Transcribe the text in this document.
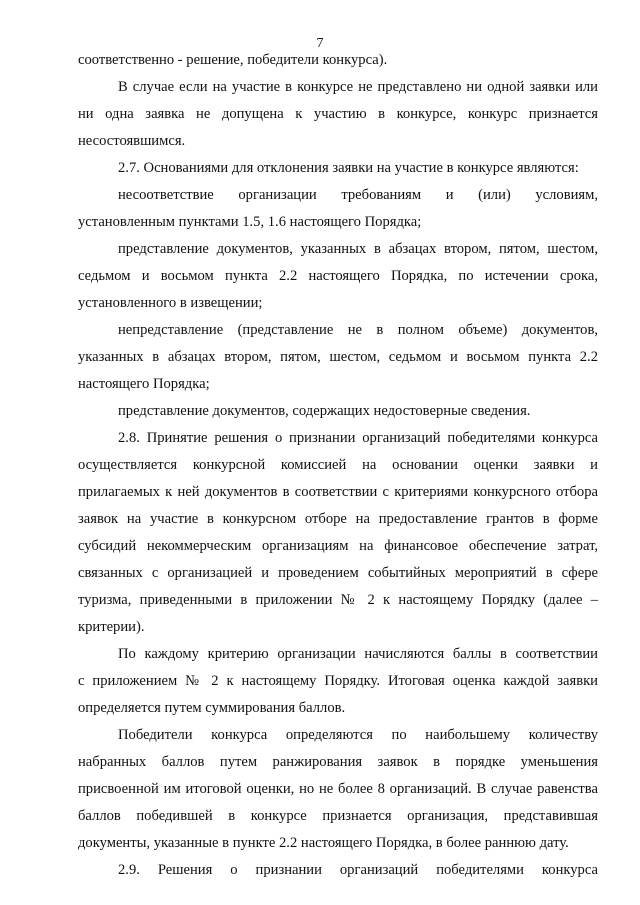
7
соответственно - решение, победители конкурса).
В случае если на участие в конкурсе не представлено ни одной заявки или
ни одна заявка не допущена к участию в конкурсе, конкурс признается
несостоявшимся.
2.7. Основаниями для отклонения заявки на участие в конкурсе являются:
несоответствие организации требованиям и (или) условиям,
установленным пунктами 1.5, 1.6 настоящего Порядка;
представление документов, указанных в абзацах втором, пятом, шестом,
седьмом и восьмом пункта 2.2 настоящего Порядка, по истечении срока,
установленного в извещении;
непредставление (представление не в полном объеме) документов,
указанных в абзацах втором, пятом, шестом, седьмом и восьмом пункта 2.2
настоящего Порядка;
представление документов, содержащих недостоверные сведения.
2.8. Принятие решения о признании организаций победителями конкурса
осуществляется конкурсной комиссией на основании оценки заявки и
прилагаемых к ней документов в соответствии с критериями конкурсного отбора
заявок на участие в конкурсном отборе на предоставление грантов в форме
субсидий некоммерческим организациям на финансовое обеспечение затрат,
связанных с организацией и проведением событийных мероприятий в сфере
туризма, приведенными в приложении № 2 к настоящему Порядку (далее –
критерии).
По каждому критерию организации начисляются баллы в соответствии
с приложением № 2 к настоящему Порядку. Итоговая оценка каждой заявки
определяется путем суммирования баллов.
Победители конкурса определяются по наибольшему количеству
набранных баллов путем ранжирования заявок в порядке уменьшения
присвоенной им итоговой оценки, но не более 8 организаций. В случае равенства
баллов победившей в конкурсе признается организация, представившая
документы, указанные в пункте 2.2 настоящего Порядка, в более раннюю дату.
2.9. Решения о признании организаций победителями конкурса
